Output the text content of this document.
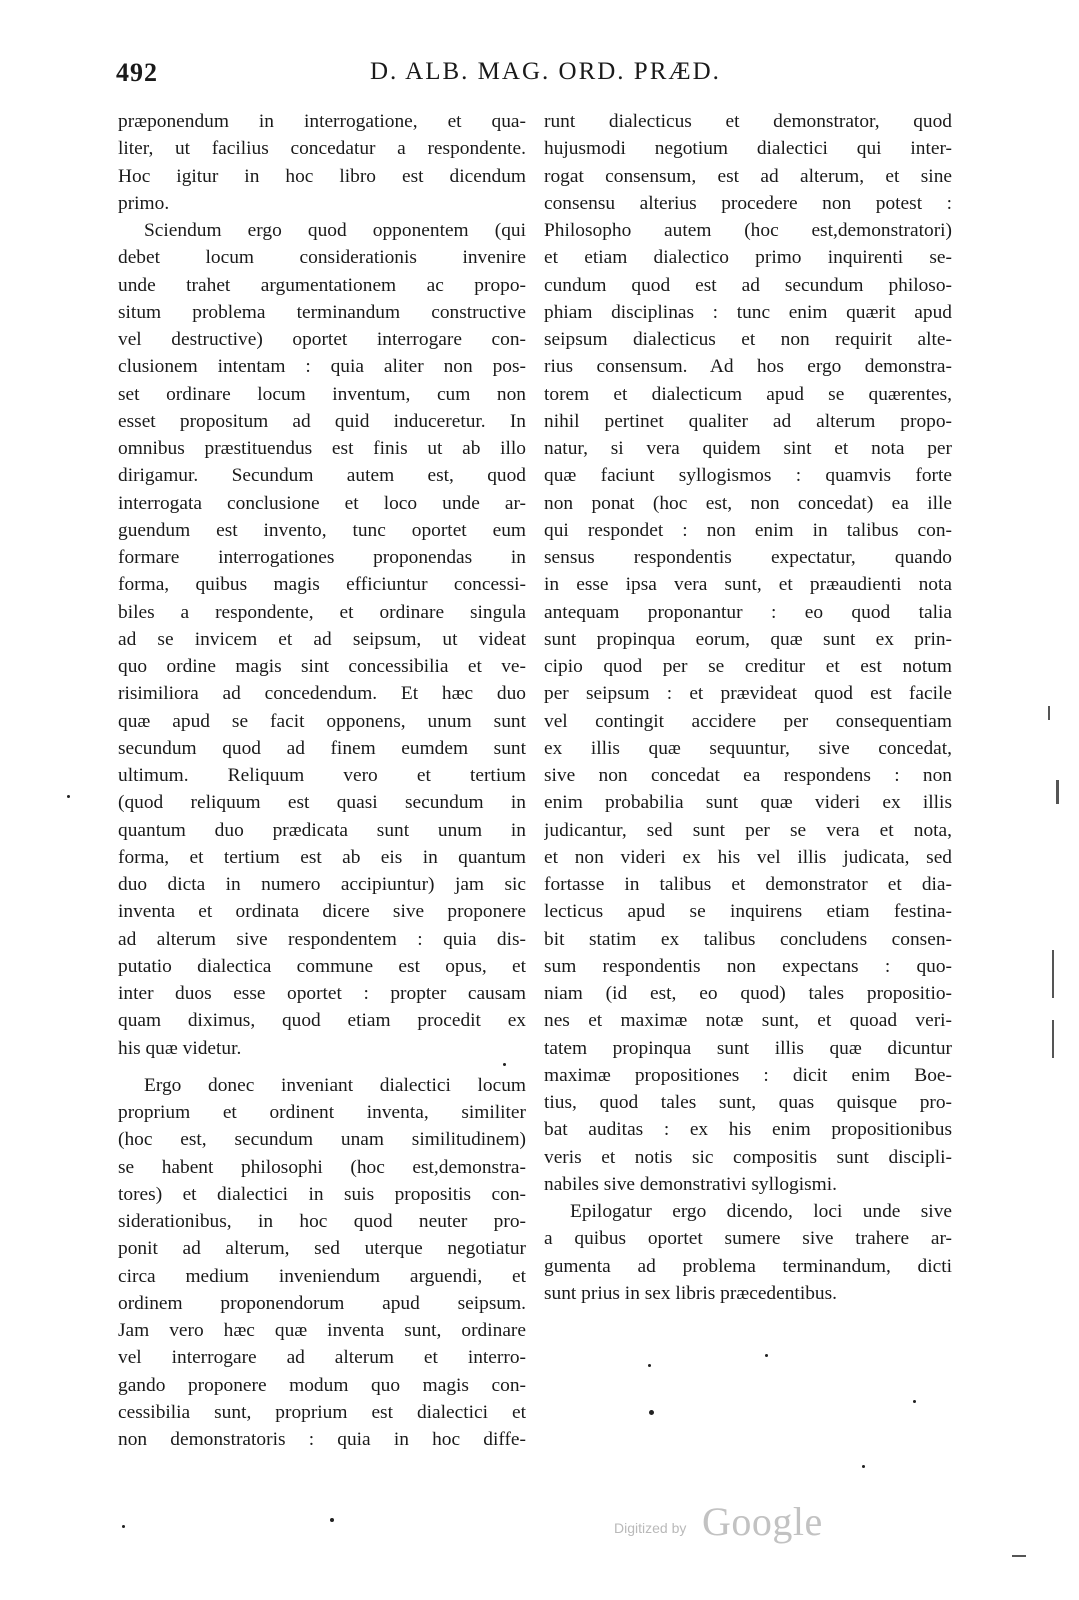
492	D. ALB. MAG. ORD. PRÆD.
præponendum in interrogatione, et qua-
liter, ut facilius concedatur a respondente.
Hoc igitur in hoc libro est dicendum
primo.
Sciendum ergo quod opponentem (qui
debet locum considerationis invenire
unde trahet argumentationem ac propo-
situm problema terminandum constructive
vel destructive) oportet interrogare con-
clusionem intentam : quia aliter non pos-
set ordinare locum inventum, cum non
esset propositum ad quid induceretur. In
omnibus præstituendus est finis ut ab illo
dirigamur. Secundum autem est, quod
interrogata conclusione et loco unde ar-
guendum est invento, tunc oportet eum
formare interrogationes proponendas in
forma, quibus magis efficiuntur concessi-
biles a respondente, et ordinare singula
ad se invicem et ad seipsum, ut videat
quo ordine magis sint concessibilia et ve-
risimiliora ad concedendum. Et hæc duo
quæ apud se facit opponens, unum sunt
secundum quod ad finem eumdem sunt
ultimum. Reliquum vero et tertium
(quod reliquum est quasi secundum in
quantum duo prædicata sunt unum in
forma, et tertium est ab eis in quantum
duo dicta in numero accipiuntur) jam sic
inventa et ordinata dicere sive proponere
ad alterum sive respondentem : quia dis-
putatio dialectica commune est opus, et
inter duos esse oportet : propter causam
quam diximus, quod etiam procedit ex
his quæ videtur.
Ergo donec inveniant dialectici locum
proprium et ordinent inventa, similiter
(hoc est, secundum unam similitudinem)
se habent philosophi (hoc est,demonstra-
tores) et dialectici in suis propositis con-
siderationibus, in hoc quod neuter pro-
ponit ad alterum, sed uterque negotiatur
circa medium inveniendum arguendi, et
ordinem proponendorum apud seipsum.
Jam vero hæc quæ inventa sunt, ordinare
vel interrogare ad alterum et interro-
gando proponere modum quo magis con-
cessibilia sunt, proprium est dialectici et
non demonstratoris : quia in hoc diffe-
runt dialecticus et demonstrator, quod
hujusmodi negotium dialectici qui inter-
rogat consensum, est ad alterum, et sine
consensu alterius procedere non potest :
Philosopho autem (hoc est,demonstratori)
et etiam dialectico primo inquirenti se-
cundum quod est ad secundum philoso-
phiam disciplinas : tunc enim quærit apud
seipsum dialecticus et non requirit alte-
rius consensum. Ad hos ergo demonstra-
torem et dialecticum apud se quærentes,
nihil pertinet qualiter ad alterum propo-
natur, si vera quidem sint et nota per
quæ faciunt syllogismos : quamvis forte
non ponat (hoc est, non concedat) ea ille
qui respondet : non enim in talibus con-
sensus respondentis expectatur, quando
in esse ipsa vera sunt, et præaudienti nota
antequam proponantur : eo quod talia
sunt propinqua eorum, quæ sunt ex prin-
cipio quod per se creditur et est notum
per seipsum : et prævideat quod est facile
vel contingit accidere per consequentiam
ex illis quæ sequuntur, sive concedat,
sive non concedat ea respondens : non
enim probabilia sunt quæ videri ex illis
judicantur, sed sunt per se vera et nota,
et non videri ex his vel illis judicata, sed
fortasse in talibus et demonstrator et dia-
lecticus apud se inquirens etiam festina-
bit statim ex talibus concludens consen-
sum respondentis non expectans : quo-
niam (id est, eo quod) tales propositio-
nes et maximæ notæ sunt, et quoad veri-
tatem propinqua sunt illis quæ dicuntur
maximæ propositiones : dicit enim Boe-
tius, quod tales sunt, quas quisque pro-
bat auditas : ex his enim propositionibus
veris et notis sic compositis sunt discipli-
nabiles sive demonstrativi syllogismi.
Epilogatur ergo dicendo, loci unde sive
a quibus oportet sumere sive trahere ar-
gumenta ad problema terminandum, dicti
sunt prius in sex libris præcedentibus.
Digitized by Google
